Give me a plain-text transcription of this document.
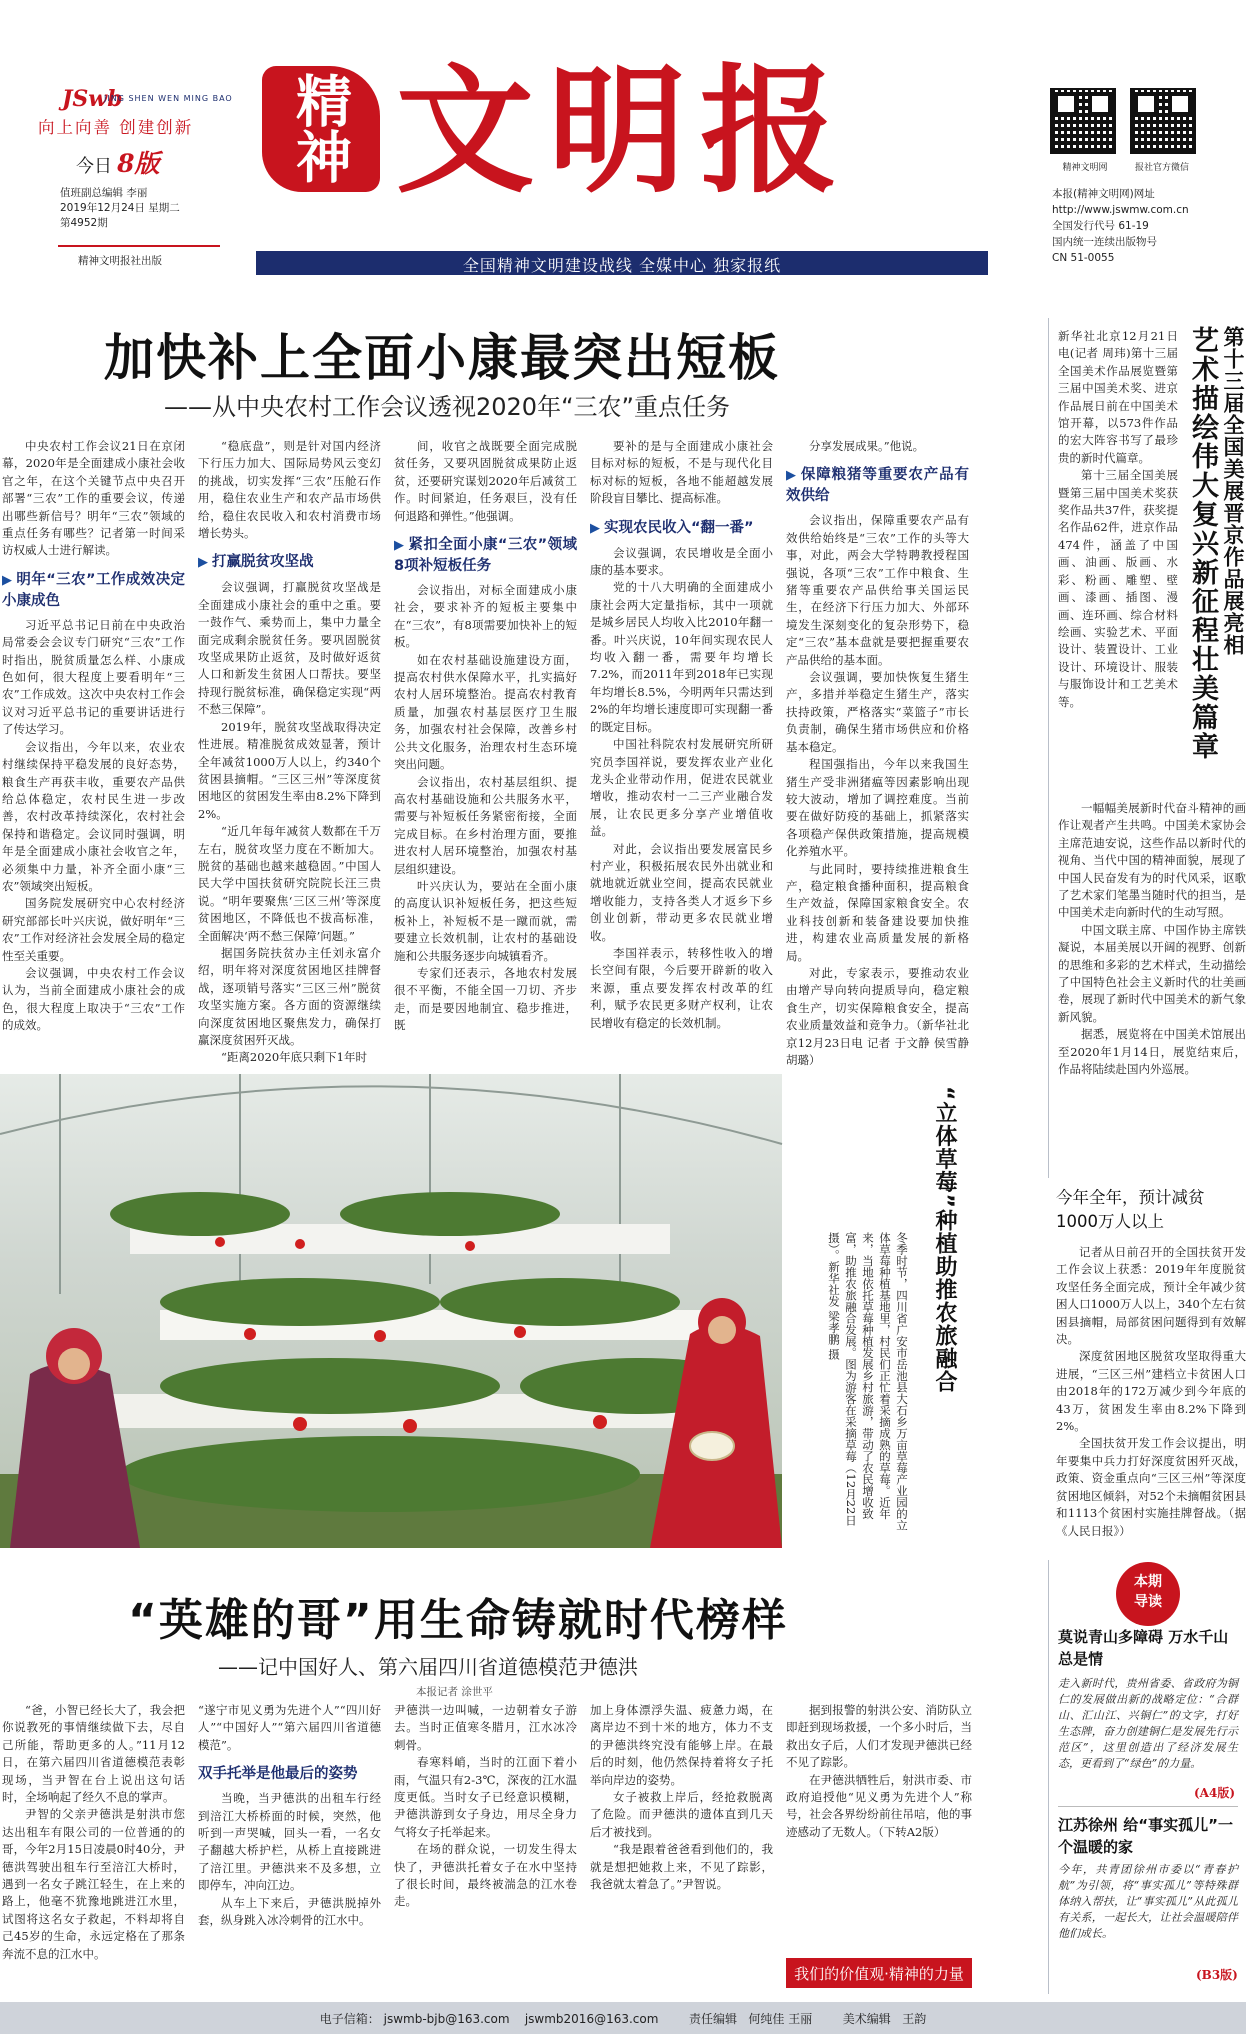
JSwb
JING SHEN WEN MING BAO
向上向善 创建创新
今日 8版
值班副总编辑 李丽
2019年12月24日 星期二
第4952期
精神文明报社出版
精神 文明报
全国精神文明建设战线 全媒中心 独家报纸
精神文明网	报社官方微信
本报(精神文明网)网址
http://www.jswmw.com.cn
全国发行代号 61-19
国内统一连续出版物号
CN 51-0055
加快补上全面小康最突出短板
——从中央农村工作会议透视2020年“三农”重点任务

中央农村工作会议21日在京闭幕，2020年是全面建成小康社会收官之年，在这个关键节点中央召开部署“三农”工作的重要会议，传递出哪些新信号？明年“三农”领域的重点任务有哪些？记者第一时间采访权威人士进行解读。

▶ 明年“三农”工作成效决定小康成色

习近平总书记日前在中央政治局常委会会议专门研究“三农”工作时指出，脱贫质量怎么样、小康成色如何，很大程度上要看明年“三农”工作成效。这次中央农村工作会议对习近平总书记的重要讲话进行了传达学习。

会议指出，今年以来，农业农村继续保持平稳发展的良好态势，粮食生产再获丰收，重要农产品供给总体稳定，农村民生进一步改善，农村改革持续深化，农村社会保持和谐稳定。会议同时强调，明年是全面建成小康社会收官之年，必须集中力量，补齐全面小康“三农”领域突出短板。

国务院发展研究中心农村经济研究部部长叶兴庆说，做好明年“三农”工作对经济社会发展全局的稳定性至关重要。

会议强调，中央农村工作会议认为，当前全面建成小康社会的成色，很大程度上取决于“三农”工作的成效。

“稳底盘”，则是针对国内经济下行压力加大、国际局势风云变幻的挑战，切实发挥“三农”压舱石作用，稳住农业生产和农产品市场供给，稳住农民收入和农村消费市场增长势头。

▶ 打赢脱贫攻坚战

会议强调，打赢脱贫攻坚战是全面建成小康社会的重中之重。要一鼓作气、乘势而上，集中力量全面完成剩余脱贫任务。要巩固脱贫攻坚成果防止返贫，及时做好返贫人口和新发生贫困人口帮扶。要坚持现行脱贫标准，确保稳定实现“两不愁三保障”。

2019年，脱贫攻坚战取得决定性进展。精准脱贫成效显著，预计全年减贫1000万人以上，约340个贫困县摘帽。“三区三州”等深度贫困地区的贫困发生率由8.2%下降到2%。

“近几年每年减贫人数都在千万左右，脱贫攻坚力度在不断加大。脱贫的基础也越来越稳固。”中国人民大学中国扶贫研究院院长汪三贵说。“明年要聚焦‘三区三州’等深度贫困地区，不降低也不拔高标准，全面解决‘两不愁三保障’问题。”

据国务院扶贫办主任刘永富介绍，明年将对深度贫困地区挂牌督战，逐项销号落实“三区三州”脱贫攻坚实施方案。各方面的资源继续向深度贫困地区聚焦发力，确保打赢深度贫困歼灭战。

“距离2020年底只剩下1年时

间，收官之战既要全面完成脱贫任务，又要巩固脱贫成果防止返贫，还要研究谋划2020年后减贫工作。时间紧迫，任务艰巨，没有任何退路和弹性。”他强调。

▶ 紧扣全面小康“三农”领域8项补短板任务

会议指出，对标全面建成小康社会，要求补齐的短板主要集中在“三农”，有8项需要加快补上的短板。

如在农村基础设施建设方面，提高农村供水保障水平，扎实搞好农村人居环境整治。提高农村教育质量，加强农村基层医疗卫生服务，加强农村社会保障，改善乡村公共文化服务，治理农村生态环境突出问题。

会议指出，农村基层组织、提高农村基础设施和公共服务水平，需要与补短板任务紧密衔接，全面完成目标。在乡村治理方面，要推进农村人居环境整治，加强农村基层组织建设。

叶兴庆认为，要站在全面小康的高度认识补短板任务，把这些短板补上，补短板不是一蹴而就，需要建立长效机制，让农村的基础设施和公共服务逐步向城镇看齐。

专家们还表示，各地农村发展很不平衡，不能全国一刀切、齐步走，而是要因地制宜、稳步推进，既

要补的是与全面建成小康社会目标对标的短板，不是与现代化目标对标的短板，各地不能超越发展阶段盲目攀比、提高标准。

▶ 实现农民收入“翻一番”

会议强调，农民增收是全面小康的基本要求。

党的十八大明确的全面建成小康社会两大定量指标，其中一项就是城乡居民人均收入比2010年翻一番。叶兴庆说，10年间实现农民人均收入翻一番，需要年均增长7.2%，而2011年到2018年已实现年均增长8.5%，今明两年只需达到2%的年均增长速度即可实现翻一番的既定目标。

中国社科院农村发展研究所研究员李国祥说，要发挥农业产业化龙头企业带动作用，促进农民就业增收，推动农村一二三产业融合发展，让农民更多分享产业增值收益。

对此，会议指出要发展富民乡村产业，积极拓展农民外出就业和就地就近就业空间，提高农民就业增收能力，支持各类人才返乡下乡创业创新，带动更多农民就业增收。

李国祥表示，转移性收入的增长空间有限，今后要开辟新的收入来源，重点要发挥农村改革的红利，赋予农民更多财产权利，让农民增收有稳定的长效机制。

分享发展成果。”他说。

▶ 保障粮猪等重要农产品有效供给

会议指出，保障重要农产品有效供给始终是“三农”工作的头等大事，对此，两会大学特聘教授程国强说，各项“三农”工作中粮食、生猪等重要农产品供给事关国运民生，在经济下行压力加大、外部环境发生深刻变化的复杂形势下，稳定“三农”基本盘就是要把握重要农产品供给的基本面。

会议强调，要加快恢复生猪生产，多措并举稳定生猪生产，落实扶持政策，严格落实“菜篮子”市长负责制，确保生猪市场供应和价格基本稳定。

程国强指出，今年以来我国生猪生产受非洲猪瘟等因素影响出现较大波动，增加了调控难度。当前要在做好防疫的基础上，抓紧落实各项稳产保供政策措施，提高规模化养殖水平。

与此同时，要持续推进粮食生产，稳定粮食播种面积，提高粮食生产效益，保障国家粮食安全。农业科技创新和装备建设要加快推进，构建农业高质量发展的新格局。

对此，专家表示，要推动农业由增产导向转向提质导向，稳定粮食生产，切实保障粮食安全，提高农业质量效益和竞争力。（新华社北京12月23日电 记者 于文静 侯雪静 胡璐）

第十三届全国美展晋京作品展亮相
艺术描绘伟大复兴新征程壮美篇章

新华社北京12月21日电(记者 周玮)第十三届全国美术作品展览暨第三届中国美术奖、进京作品展日前在中国美术馆开幕，以573件作品的宏大阵容书写了最珍贵的新时代篇章。

第十三届全国美展暨第三届中国美术奖获奖作品共37件，获奖提名作品62件，进京作品474件，涵盖了中国画、油画、版画、水彩、粉画、雕塑、壁画、漆画、插图、漫画、连环画、综合材料绘画、实验艺术、平面设计、装置设计、工业设计、环境设计、服装与服饰设计和工艺美术等。

一幅幅美展新时代奋斗精神的画作让观者产生共鸣。中国美术家协会主席范迪安说，这些作品以新时代的视角、当代中国的精神面貌，展现了中国人民奋发有为的时代风采，讴歌了艺术家们笔墨当随时代的担当，是中国美术走向新时代的生动写照。

中国文联主席、中国作协主席铁凝说，本届美展以开阔的视野、创新的思维和多彩的艺术样式，生动描绘了中国特色社会主义新时代的壮美画卷，展现了新时代中国美术的新气象新风貌。

据悉，展览将在中国美术馆展出至2020年1月14日，展览结束后，作品将陆续赴国内外巡展。

今年全年，预计减贫1000万人以上

记者从日前召开的全国扶贫开发工作会议上获悉：2019年年度脱贫攻坚任务全面完成，预计全年减少贫困人口1000万人以上，340个左右贫困县摘帽，局部贫困问题得到有效解决。

深度贫困地区脱贫攻坚取得重大进展，“三区三州”建档立卡贫困人口由2018年的172万减少到今年底的43万，贫困发生率由8.2%下降到2%。

全国扶贫开发工作会议提出，明年要集中兵力打好深度贫困歼灭战，政策、资金重点向“三区三州”等深度贫困地区倾斜，对52个未摘帽贫困县和1113个贫困村实施挂牌督战。（据《人民日报》）

“立体草莓”种植助推农旅融合
冬季时节，四川省广安市岳池县大石乡万亩草莓产业园的立体草莓种植基地里，村民们正忙着采摘成熟的草莓。近年来，当地依托草莓种植发展乡村旅游，带动了农民增收致富，助推农旅融合发展。图为游客在采摘草莓（12月22日摄）。新华社发 梁孝鹏 摄
“英雄的哥”用生命铸就时代榜样
——记中国好人、第六届四川省道德模范尹德洪
本报记者 涂世平

“爸，小智已经长大了，我会把你说教死的事情继续做下去，尽自己所能，帮助更多的人。”11月12日，在第六届四川省道德模范表彰现场，当尹智在台上说出这句话时，全场响起了经久不息的掌声。

尹智的父亲尹德洪是射洪市您达出租车有限公司的一位普通的的哥，今年2月15日凌晨0时40分，尹德洪驾驶出租车行至涪江大桥时，遇到一名女子跳江轻生，在上来的路上，他毫不犹豫地跳进江水里，试图将这名女子救起，不料却将自己45岁的生命，永远定格在了那条奔流不息的江水中。

“遂宁市见义勇为先进个人”“四川好人”“中国好人”“第六届四川省道德模范”。

双手托举是他最后的姿势

当晚，当尹德洪的出租车行经到涪江大桥桥面的时候，突然，他听到一声哭喊，回头一看，一名女子翻越大桥护栏，从桥上直接跳进了涪江里。尹德洪来不及多想，立即停车，冲向江边。

从车上下来后，尹德洪脱掉外套，纵身跳入冰冷刺骨的江水中。

尹德洪一边叫喊，一边朝着女子游去。当时正值寒冬腊月，江水冰冷刺骨。

春寒料峭，当时的江面下着小雨，气温只有2-3℃，深夜的江水温度更低。当时女子已经意识模糊，尹德洪游到女子身边，用尽全身力气将女子托举起来。

在场的群众说，一切发生得太快了，尹德洪托着女子在水中坚持了很长时间，最终被湍急的江水卷走。

加上身体漂浮失温、疲惫力竭，在离岸边不到十米的地方，体力不支的尹德洪终究没有能够上岸。在最后的时刻，他仍然保持着将女子托举向岸边的姿势。

女子被救上岸后，经抢救脱离了危险。而尹德洪的遗体直到几天后才被找到。

“我是跟着爸爸看到他们的，我就是想把她救上来，不见了踪影，我爸就太着急了。”尹智说。

据到报警的射洪公安、消防队立即赶到现场救援，一个多小时后，当救出女子后，人们才发现尹德洪已经不见了踪影。

在尹德洪牺牲后，射洪市委、市政府追授他“见义勇为先进个人”称号，社会各界纷纷前往吊唁，他的事迹感动了无数人。（下转A2版）

我们的价值观·精神的力量
本期
导读
莫说青山多障碍 万水千山总是情
走入新时代，贵州省委、省政府为铜仁的发展做出新的战略定位：“合群山、汇山江、兴铜仁”的文字，打好生态牌，奋力创建铜仁是发展先行示范区”，这里创造出了经济发展生态，更看到了“绿色”的力量。
(A4版)
江苏徐州 给“事实孤儿”一个温暖的家
今年，共青团徐州市委以“青春护航”为引领，将“事实孤儿”等特殊群体纳入帮扶，让“事实孤儿”从此孤儿有关系，一起长大，让社会温暖陪伴他们成长。
(B3版)
电子信箱： jswmb-bjb@163.com jswmb2016@163.com	责任编辑 何纯佳 王丽	美术编辑 王韵
